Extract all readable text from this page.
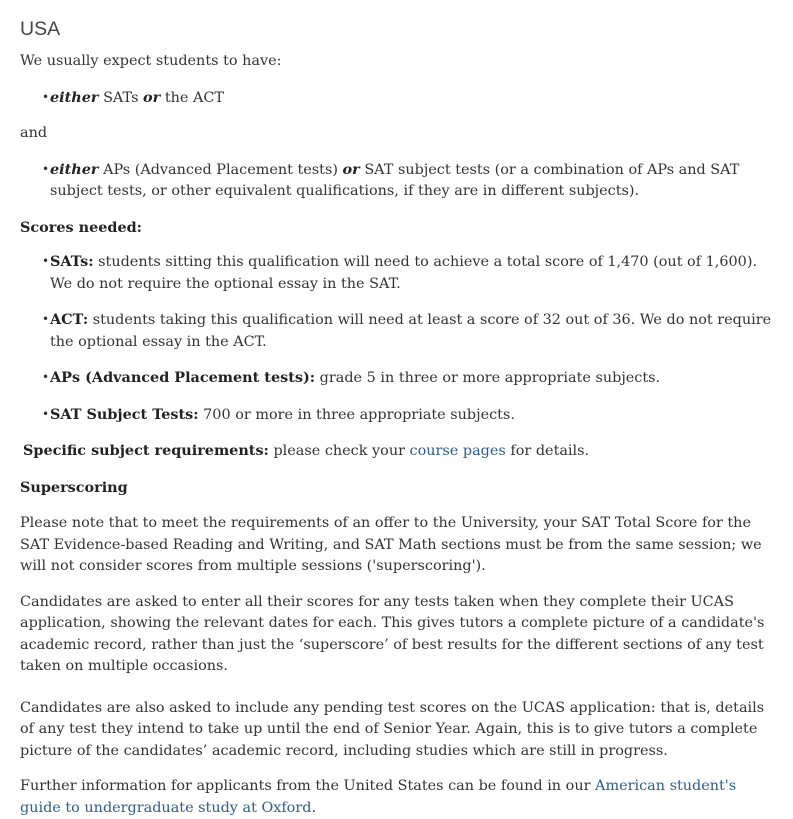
USA

We usually expect students to have:

• either SATs or the ACT

and

• either APs (Advanced Placement tests) or SAT subject tests (or a combination of APs and SAT subject tests, or other equivalent qualifications, if they are in different subjects).

Scores needed:

• SATs: students sitting this qualification will need to achieve a total score of 1,470 (out of 1,600). We do not require the optional essay in the SAT.
• ACT: students taking this qualification will need at least a score of 32 out of 36. We do not require the optional essay in the ACT.
• APs (Advanced Placement tests): grade 5 in three or more appropriate subjects.
• SAT Subject Tests: 700 or more in three appropriate subjects.

Specific subject requirements: please check your course pages for details.

Superscoring

Please note that to meet the requirements of an offer to the University, your SAT Total Score for the SAT Evidence-based Reading and Writing, and SAT Math sections must be from the same session; we will not consider scores from multiple sessions ('superscoring').

Candidates are asked to enter all their scores for any tests taken when they complete their UCAS application, showing the relevant dates for each. This gives tutors a complete picture of a candidate's academic record, rather than just the ‘superscore’ of best results for the different sections of any test taken on multiple occasions.

Candidates are also asked to include any pending test scores on the UCAS application: that is, details of any test they intend to take up until the end of Senior Year. Again, this is to give tutors a complete picture of the candidates’ academic record, including studies which are still in progress.

Further information for applicants from the United States can be found in our American student's guide to undergraduate study at Oxford.
